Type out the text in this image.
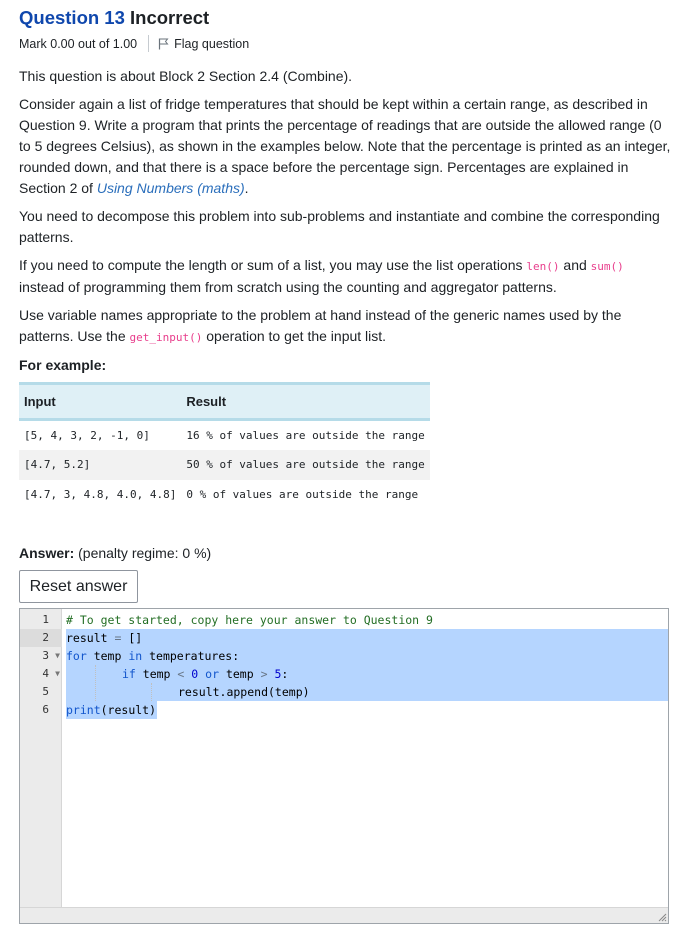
Question 13 Incorrect
Mark 0.00 out of 1.00	Flag question

This question is about Block 2 Section 2.4 (Combine).

Consider again a list of fridge temperatures that should be kept within a certain range, as described in Question 9. Write a program that prints the percentage of readings that are outside the allowed range (0 to 5 degrees Celsius), as shown in the examples below. Note that the percentage is printed as an integer, rounded down, and that there is a space before the percentage sign. Percentages are explained in Section 2 of Using Numbers (maths).

You need to decompose this problem into sub-problems and instantiate and combine the corresponding patterns.

If you need to compute the length or sum of a list, you may use the list operations len() and sum() instead of programming them from scratch using the counting and aggregator patterns.

Use variable names appropriate to the problem at hand instead of the generic names used by the patterns. Use the get_input() operation to get the input list.

For example:

Input	Result
[5, 4, 3, 2, -1, 0]	16 % of values are outside the range
[4.7, 5.2]	50 % of values are outside the range
[4.7, 3, 4.8, 4.0, 4.8]	0 % of values are outside the range
Answer: (penalty regime: 0 %)
Reset answer
1
2
3 ▼
4 ▼
5
6
# To get started, copy here your answer to Question 9
result = []
for temp in temperatures:
if temp < 0 or temp > 5:
result.append(temp)
print(result)
